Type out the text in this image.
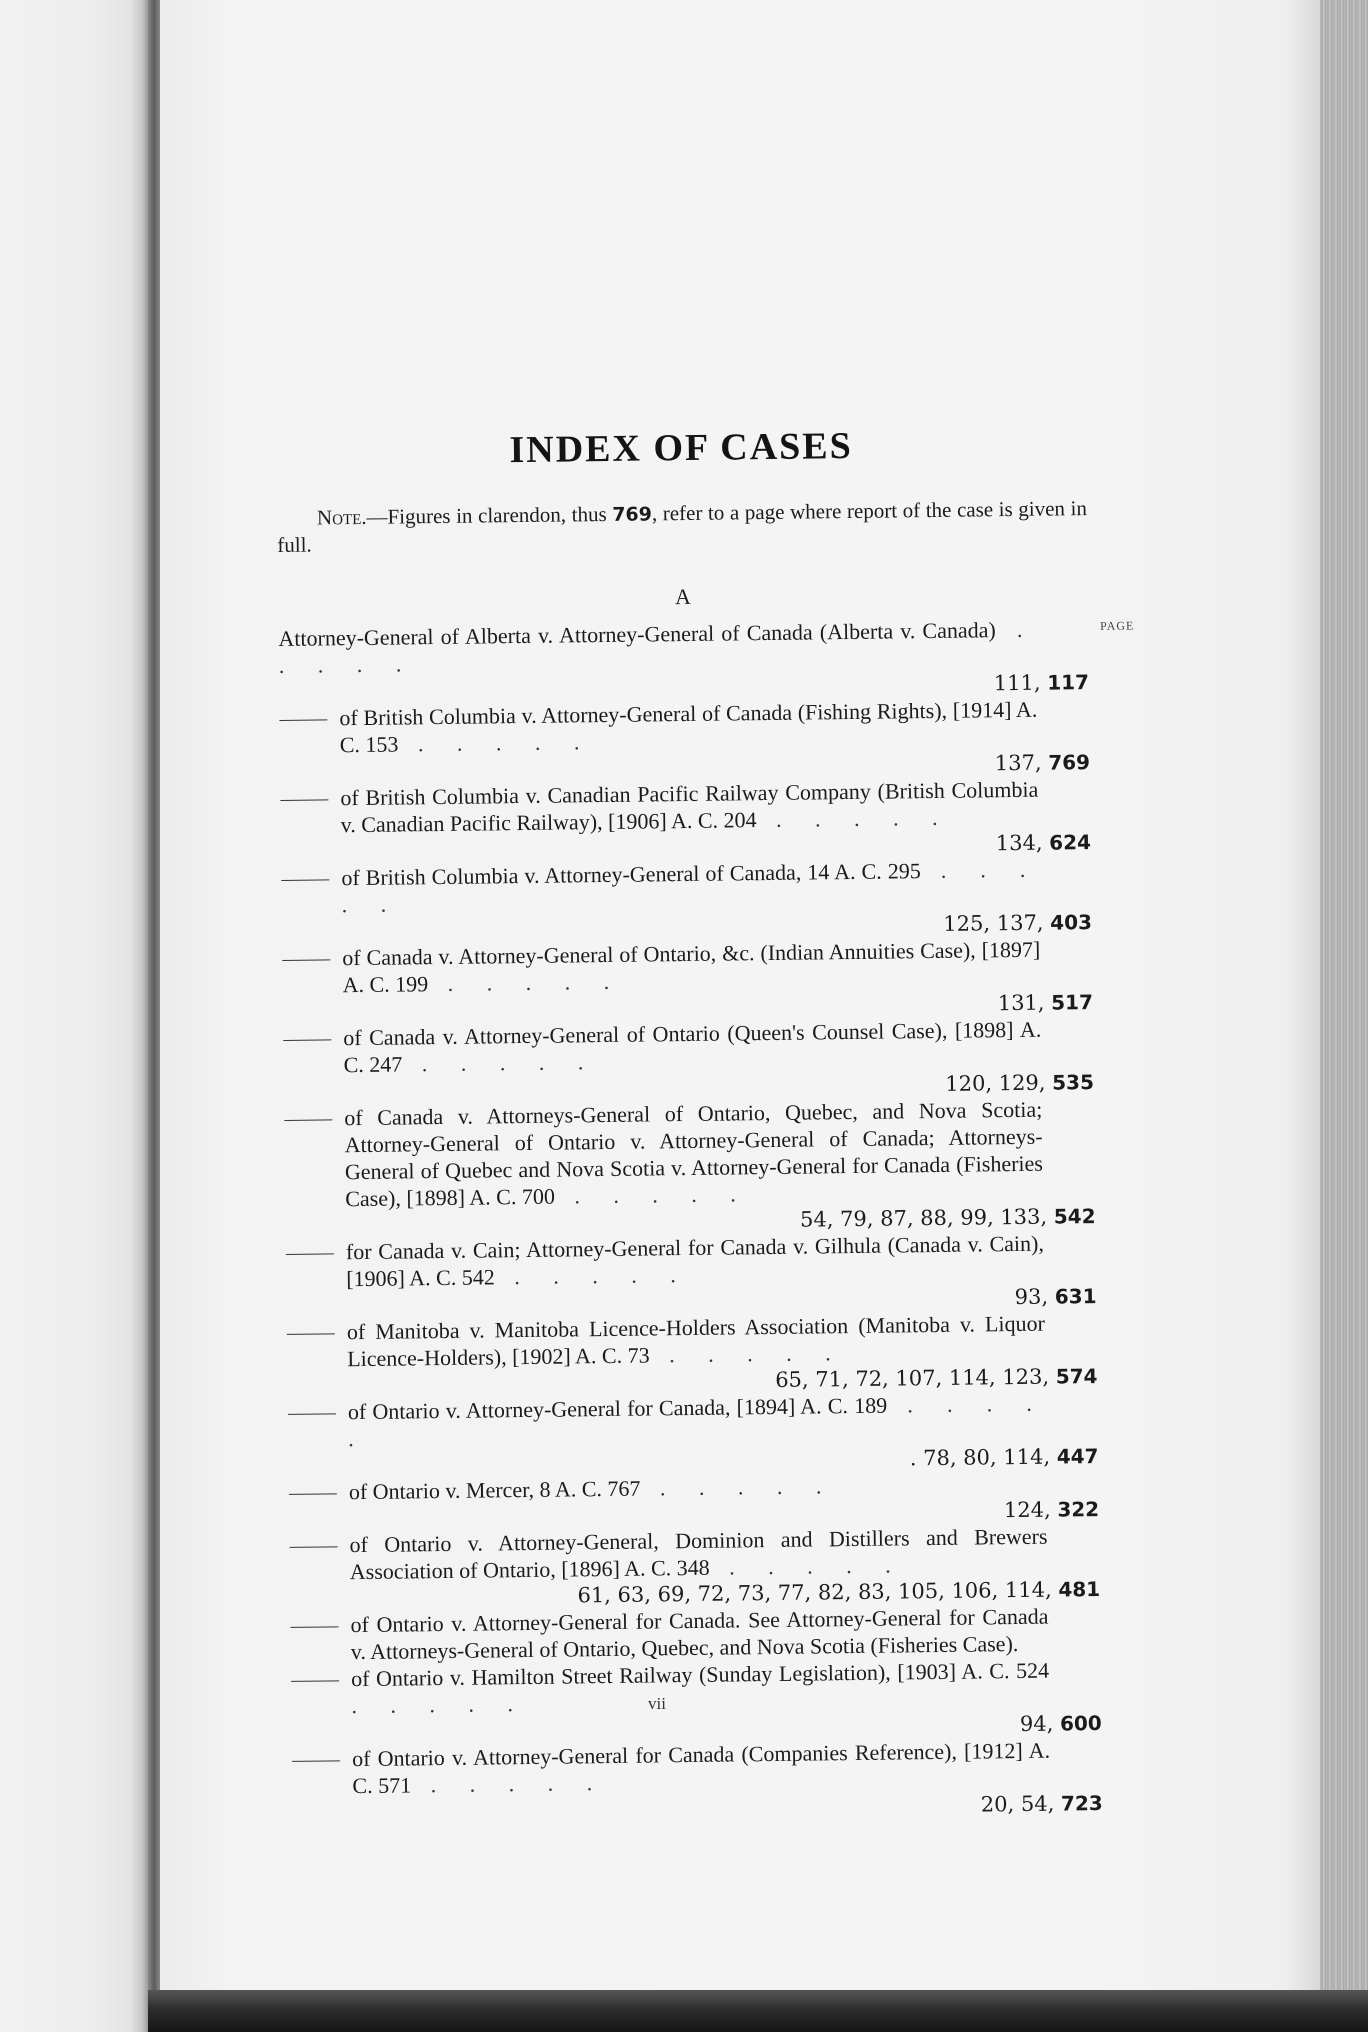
INDEX OF CASES

Note.—Figures in clarendon, thus 769, refer to a page where report of the case is given in full.

A
PAGE

Attorney-General of Alberta v. Attorney-General of Canada (Alberta v. Canada) . . . . .
111, 117

of British Columbia v. Attorney-General of Canada (Fishing Rights), [1914] A. C. 153 . . . . .
137, 769

of British Columbia v. Canadian Pacific Railway Company (British Columbia v. Canadian Pacific Railway), [1906] A. C. 204 . . . . .
134, 624

of British Columbia v. Attorney-General of Canada, 14 A. C. 295 . . . . .
125, 137, 403

of Canada v. Attorney-General of Ontario, &c. (Indian Annuities Case), [1897] A. C. 199 . . . . .
131, 517

of Canada v. Attorney-General of Ontario (Queen's Counsel Case), [1898] A. C. 247 . . . . .
120, 129, 535

of Canada v. Attorneys-General of Ontario, Quebec, and Nova Scotia; Attorney-General of Ontario v. Attorney-General of Canada; Attorneys-General of Quebec and Nova Scotia v. Attorney-General for Canada (Fisheries Case), [1898] A. C. 700 . . . . .
54, 79, 87, 88, 99, 133, 542

for Canada v. Cain; Attorney-General for Canada v. Gilhula (Canada v. Cain), [1906] A. C. 542 . . . . .
93, 631

of Manitoba v. Manitoba Licence-Holders Association (Manitoba v. Liquor Licence-Holders), [1902] A. C. 73 . . . . .
65, 71, 72, 107, 114, 123, 574

of Ontario v. Attorney-General for Canada, [1894] A. C. 189 . . . . .
. 78, 80, 114, 447

of Ontario v. Mercer, 8 A. C. 767 . . . . .
124, 322

of Ontario v. Attorney-General, Dominion and Distillers and Brewers Association of Ontario, [1896] A. C. 348 . . . . .
61, 63, 69, 72, 73, 77, 82, 83, 105, 106, 114, 481

of Ontario v. Attorney-General for Canada. See Attorney-General for Canada v. Attorneys-General of Ontario, Quebec, and Nova Scotia (Fisheries Case).

of Ontario v. Hamilton Street Railway (Sunday Legislation), [1903] A. C. 524 . . . . .
94, 600

of Ontario v. Attorney-General for Canada (Companies Reference), [1912] A. C. 571 . . . . .
20, 54, 723

vii
